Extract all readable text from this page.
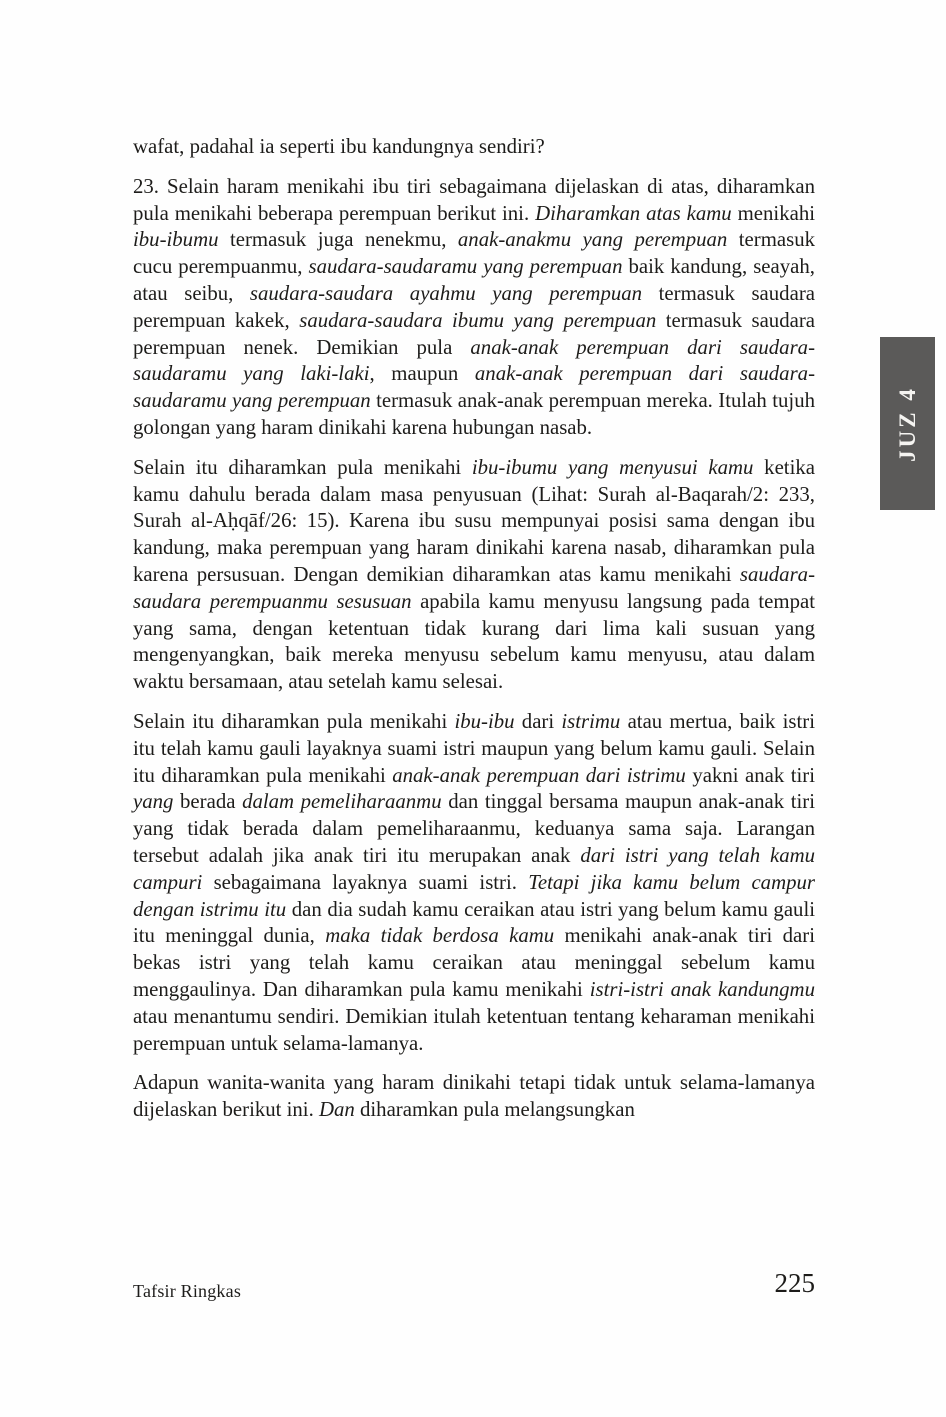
wafat, padahal ia seperti ibu kandungnya sendiri?

23. Selain haram menikahi ibu tiri sebagaimana dijelaskan di atas, diharamkan pula menikahi beberapa perempuan berikut ini. Diharamkan atas kamu menikahi ibu-ibumu termasuk juga nenekmu, anak-anakmu yang perempuan termasuk cucu perempuanmu, saudara-saudaramu yang perempuan baik kandung, seayah, atau seibu, saudara-saudara ayahmu yang perempuan termasuk saudara perempuan kakek, saudara-saudara ibumu yang perempuan termasuk saudara perempuan nenek. Demikian pula anak-anak perempuan dari saudara-saudaramu yang laki-laki, maupun anak-anak perempuan dari saudara-saudaramu yang perempuan termasuk anak-anak perempuan mereka. Itulah tujuh golongan yang haram dinikahi karena hubungan nasab.

Selain itu diharamkan pula menikahi ibu-ibumu yang menyusui kamu ketika kamu dahulu berada dalam masa penyusuan (Lihat: Surah al-Baqarah/2: 233, Surah al-Aḥqāf/26: 15). Karena ibu susu mempunyai posisi sama dengan ibu kandung, maka perempuan yang haram dinikahi karena nasab, diharamkan pula karena persusuan. Dengan demikian diharamkan atas kamu menikahi saudara-saudara perempuanmu sesusuan apabila kamu menyusu langsung pada tempat yang sama, dengan ketentuan tidak kurang dari lima kali susuan yang mengenyangkan, baik mereka menyusu sebelum kamu menyusu, atau dalam waktu bersamaan, atau setelah kamu selesai.

Selain itu diharamkan pula menikahi ibu-ibu dari istrimu atau mertua, baik istri itu telah kamu gauli layaknya suami istri maupun yang belum kamu gauli. Selain itu diharamkan pula menikahi anak-anak perempuan dari istrimu yakni anak tiri yang berada dalam pemeliharaanmu dan tinggal bersama maupun anak-anak tiri yang tidak berada dalam pemeliharaanmu, keduanya sama saja. Larangan tersebut adalah jika anak tiri itu merupakan anak dari istri yang telah kamu campuri sebagaimana layaknya suami istri. Tetapi jika kamu belum campur dengan istrimu itu dan dia sudah kamu ceraikan atau istri yang belum kamu gauli itu meninggal dunia, maka tidak berdosa kamu menikahi anak-anak tiri dari bekas istri yang telah kamu ceraikan atau meninggal sebelum kamu menggaulinya. Dan diharamkan pula kamu menikahi istri-istri anak kandungmu atau menantumu sendiri. Demikian itulah ketentuan tentang keharaman menikahi perempuan untuk selama-lamanya.

Adapun wanita-wanita yang haram dinikahi tetapi tidak untuk selama-lamanya dijelaskan berikut ini. Dan diharamkan pula melangsungkan

JUZ 4
Tafsir Ringkas	225
